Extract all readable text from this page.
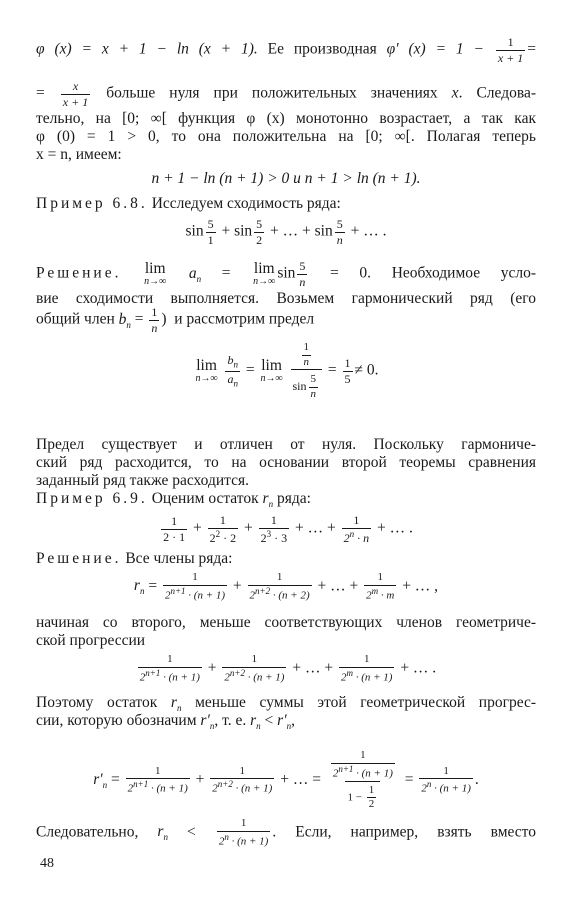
φ (x) = x + 1 − ln (x + 1). Ее производная φ′ $(x) = 1 - \frac{1}{x + 1}$ =
= $\frac{x}{x + 1}$ больше нуля при положительных значениях x. Следова-
тельно, на [0; ∞[ функция φ (x) монотонно возрастает, а так как
φ (0) = 1 > 0, то она положительна на [0; ∞[. Полагая теперь
x = n, имеем:
n + 1 − ln (n + 1) > 0 и n + 1 > ln (n + 1).
Пример 6.8. Исследуем сходимость ряда:
$\sin \frac{5}{1} + \sin \frac{5}{2}$ + … + $\sin \frac{5}{n}$ + … .
Решение. lim
n→∞ $a_n = \lim$
n→∞ $\sin \frac{5}{n} = 0$. Необходимое усло-
вие сходимости выполняется. Возьмем гармонический ряд (его
общий член $b_n = \frac{1}{n}$ )  и рассмотрим предел
lim
n→∞
$\frac{b_n}{a_n} = \lim$
n→∞
$\frac{\frac{1}{n}}{\sin \frac{5}{n}} = \frac{1}{5} \ne 0$.
Предел существует и отличен от нуля. Поскольку гармониче-
ский ряд расходится, то на основании второй теоремы сравнения
заданный ряд также расходится.
Пример 6.9. Оценим остаток $r_n$ ряда:
$\frac{1}{2 \cdot 1} + \frac{1}{2^2 \cdot 2} + \frac{1}{2^3 \cdot 3}$ + … + $\frac{1}{2^n \cdot n}$ + … .
Решение. Все члены ряда:
$r_n = \frac{1}{2^{n+1} \cdot (n + 1)} + \frac{1}{2^{n+2} \cdot (n + 2)}$ + … + $\frac{1}{2^m \cdot m}$ + … ,
начиная со второго, меньше соответствующих членов геометриче-
ской прогрессии
$\frac{1}{2^{n+1} \cdot (n + 1)} + \frac{1}{2^{n+2} \cdot (n + 1)}$ + … + $\frac{1}{2^m \cdot (n + 1)}$ + … .
Поэтому остаток $r_n$ меньше суммы этой геометрической прогрес-
сии, которую обозначим $r'_n$, т. е. $r_n < r'_n$,
$r'_n = \frac{1}{2^{n+1} \cdot (n + 1)} + \frac{1}{2^{n+2} \cdot (n + 1)}$ + … = $\frac{\frac{1}{2^{n+1} \cdot (n + 1)}}{1 - \frac{1}{2}} = \frac{1}{2^n \cdot (n + 1)}$ .
Следовательно, $r_n < \frac{1}{2^n \cdot (n + 1)}$ . Если, например, взять вместо
48
